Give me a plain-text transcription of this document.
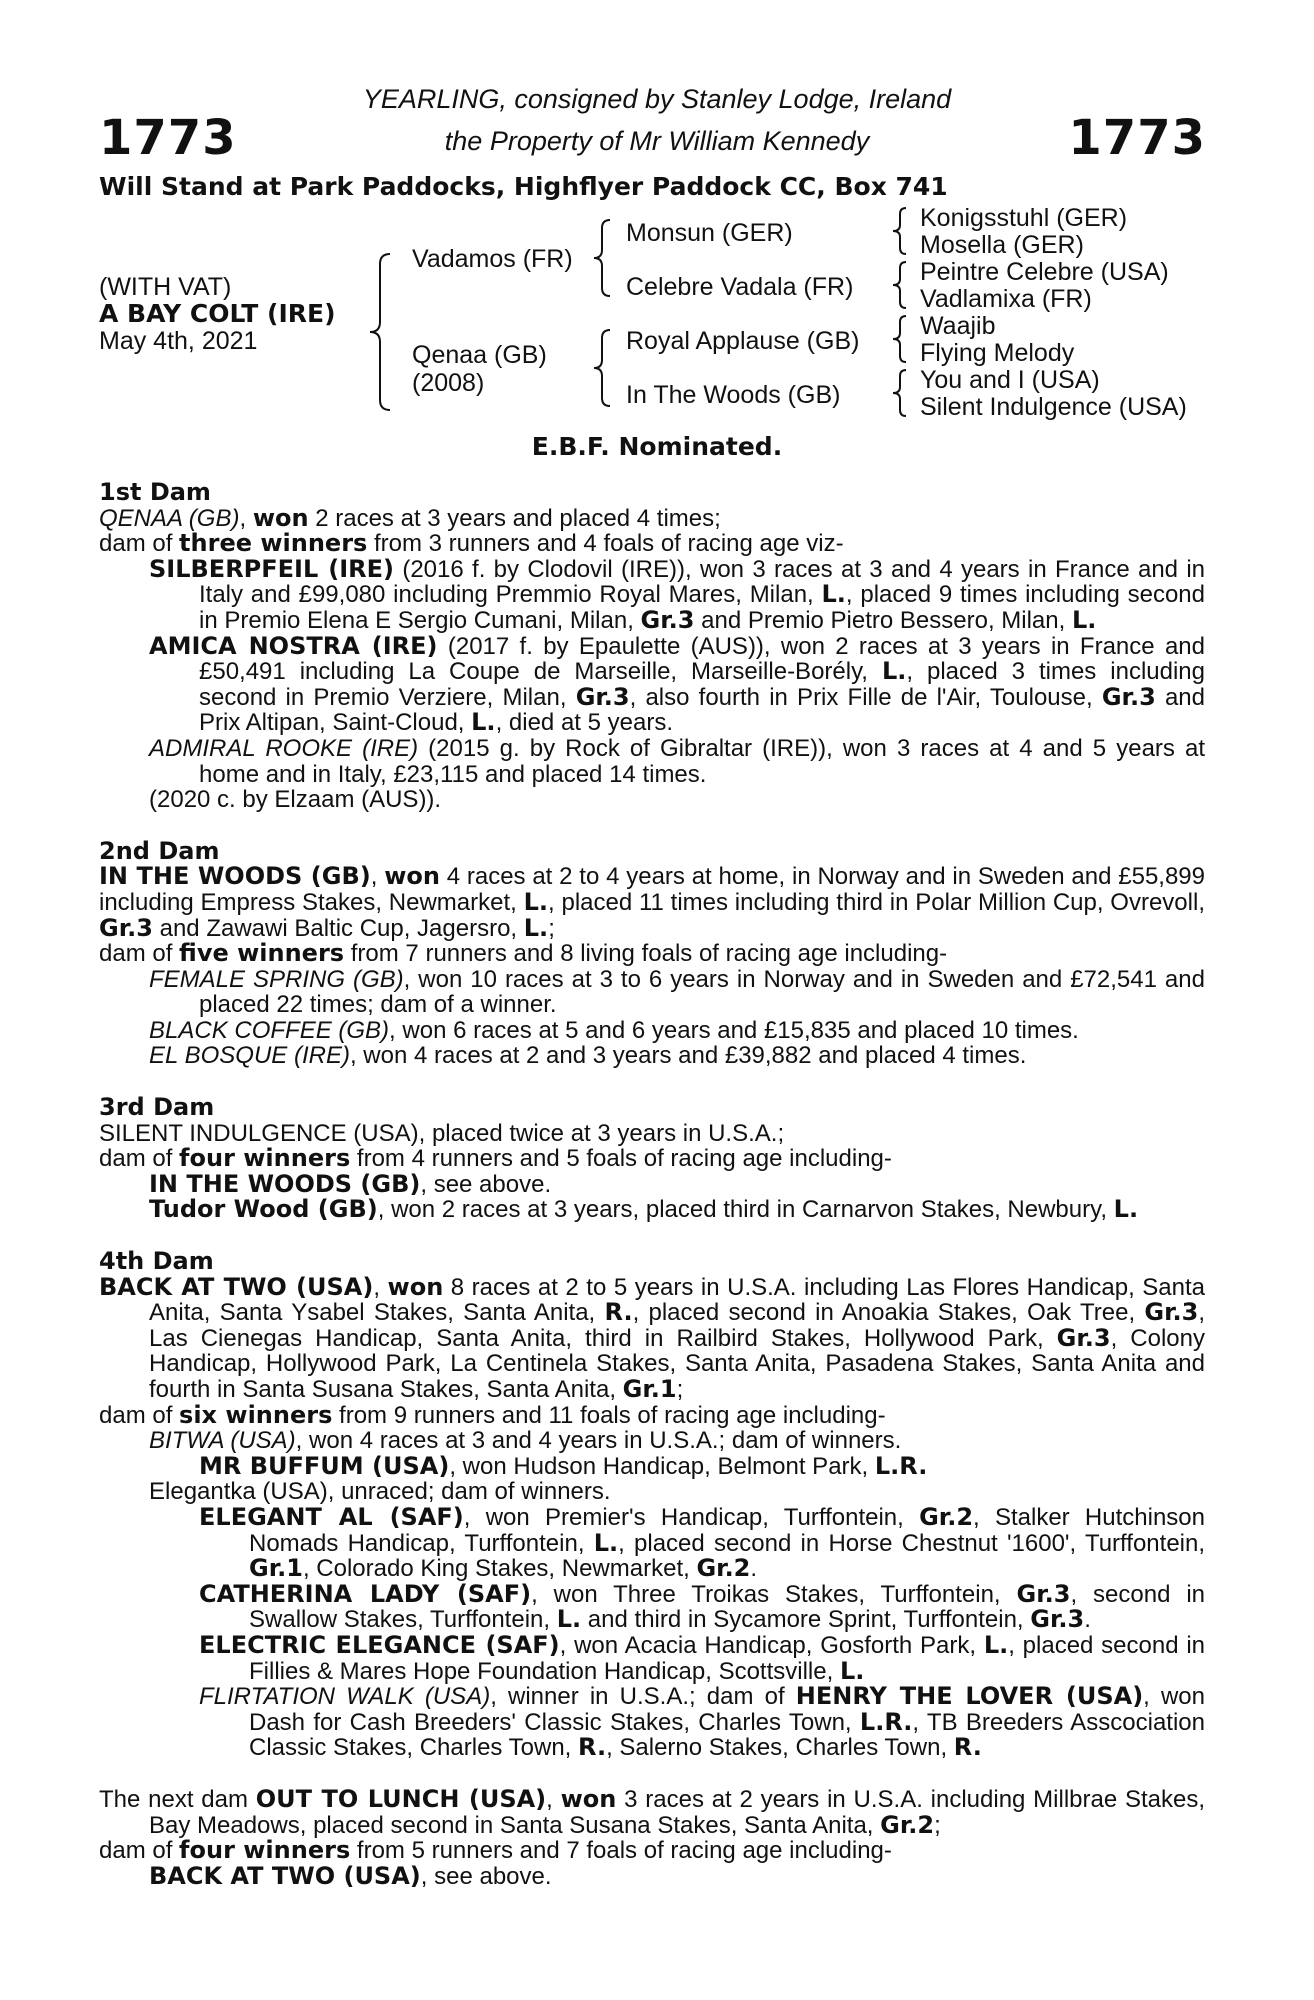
1773	1773
YEARLING, consigned by Stanley Lodge, Ireland
the Property of Mr William Kennedy
Will Stand at Park Paddocks, Highflyer Paddock CC, Box 741
(WITH VAT)
A BAY COLT (IRE)
May 4th, 2021
Vadamos (FR)
Qenaa (GB)
(2008)
Monsun (GER)
Celebre Vadala (FR)
Royal Applause (GB)
In The Woods (GB)
Konigsstuhl (GER)
Mosella (GER)
Peintre Celebre (USA)
Vadlamixa (FR)
Waajib
Flying Melody
You and I (USA)
Silent Indulgence (USA)
E.B.F. Nominated.

1st Dam

QENAA (GB), won 2 races at 3 years and placed 4 times;

dam of three winners from 3 runners and 4 foals of racing age viz-

SILBERPFEIL (IRE) (2016 f. by Clodovil (IRE)), won 3 races at 3 and 4 years in France and in Italy and £99,080 including Premmio Royal Mares, Milan, L., placed 9 times including second in Premio Elena E Sergio Cumani, Milan, Gr.3 and Premio Pietro Bessero, Milan, L.

AMICA NOSTRA (IRE) (2017 f. by Epaulette (AUS)), won 2 races at 3 years in France and £50,491 including La Coupe de Marseille, Marseille-Borély, L., placed 3 times including second in Premio Verziere, Milan, Gr.3, also fourth in Prix Fille de l'Air, Toulouse, Gr.3 and Prix Altipan, Saint-Cloud, L., died at 5 years.

ADMIRAL ROOKE (IRE) (2015 g. by Rock of Gibraltar (IRE)), won 3 races at 4 and 5 years at home and in Italy, £23,115 and placed 14 times.

(2020 c. by Elzaam (AUS)).

2nd Dam

IN THE WOODS (GB), won 4 races at 2 to 4 years at home, in Norway and in Sweden and £55,899 including Empress Stakes, Newmarket, L., placed 11 times including third in Polar Million Cup, Ovrevoll, Gr.3 and Zawawi Baltic Cup, Jagersro, L.;

dam of five winners from 7 runners and 8 living foals of racing age including-

FEMALE SPRING (GB), won 10 races at 3 to 6 years in Norway and in Sweden and £72,541 and placed 22 times; dam of a winner.

BLACK COFFEE (GB), won 6 races at 5 and 6 years and £15,835 and placed 10 times.

EL BOSQUE (IRE), won 4 races at 2 and 3 years and £39,882 and placed 4 times.

3rd Dam

SILENT INDULGENCE (USA), placed twice at 3 years in U.S.A.;

dam of four winners from 4 runners and 5 foals of racing age including-

IN THE WOODS (GB), see above.

Tudor Wood (GB), won 2 races at 3 years, placed third in Carnarvon Stakes, Newbury, L.

4th Dam

BACK AT TWO (USA), won 8 races at 2 to 5 years in U.S.A. including Las Flores Handicap, Santa Anita, Santa Ysabel Stakes, Santa Anita, R., placed second in Anoakia Stakes, Oak Tree, Gr.3, Las Cienegas Handicap, Santa Anita, third in Railbird Stakes, Hollywood Park, Gr.3, Colony Handicap, Hollywood Park, La Centinela Stakes, Santa Anita, Pasadena Stakes, Santa Anita and fourth in Santa Susana Stakes, Santa Anita, Gr.1;

dam of six winners from 9 runners and 11 foals of racing age including-

BITWA (USA), won 4 races at 3 and 4 years in U.S.A.; dam of winners.

MR BUFFUM (USA), won Hudson Handicap, Belmont Park, L.R.

Elegantka (USA), unraced; dam of winners.

ELEGANT AL (SAF), won Premier's Handicap, Turffontein, Gr.2, Stalker Hutchinson Nomads Handicap, Turffontein, L., placed second in Horse Chestnut '1600', Turffontein, Gr.1, Colorado King Stakes, Newmarket, Gr.2.

CATHERINA LADY (SAF), won Three Troikas Stakes, Turffontein, Gr.3, second in Swallow Stakes, Turffontein, L. and third in Sycamore Sprint, Turffontein, Gr.3.

ELECTRIC ELEGANCE (SAF), won Acacia Handicap, Gosforth Park, L., placed second in Fillies & Mares Hope Foundation Handicap, Scottsville, L.

FLIRTATION WALK (USA), winner in U.S.A.; dam of HENRY THE LOVER (USA), won Dash for Cash Breeders' Classic Stakes, Charles Town, L.R., TB Breeders Asscociation Classic Stakes, Charles Town, R., Salerno Stakes, Charles Town, R.

The next dam OUT TO LUNCH (USA), won 3 races at 2 years in U.S.A. including Millbrae Stakes, Bay Meadows, placed second in Santa Susana Stakes, Santa Anita, Gr.2;

dam of four winners from 5 runners and 7 foals of racing age including-

BACK AT TWO (USA), see above.
